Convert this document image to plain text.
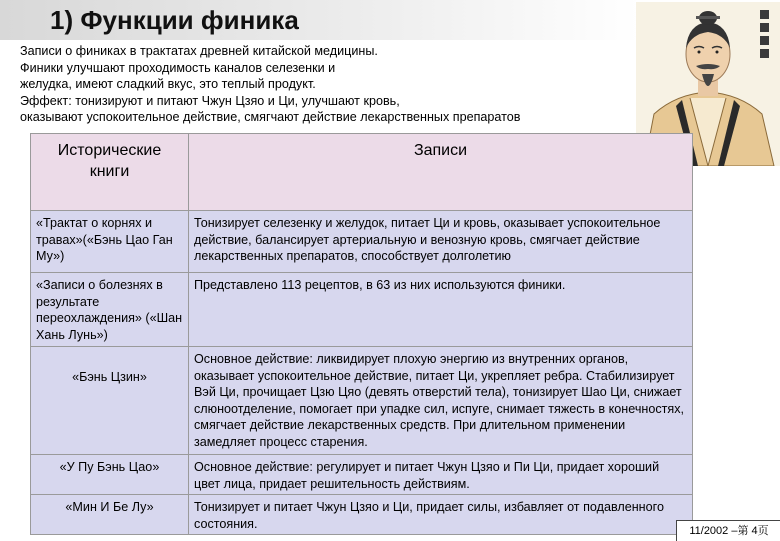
1) Функции финика
Записи о финиках в трактатах древней китайской медицины.
Финики улучшают проходимость каналов селезенки и
желудка, имеют сладкий вкус, это теплый продукт.
Эффект: тонизируют и питают Чжун Цзяо и Ци, улучшают кровь,
оказывают успокоительное действие, смягчают действие лекарственных препаратов
Исторические книги	Записи
«Трактат о корнях и травах»(«Бэнь Цао Ган Му»)	Тонизирует селезенку и желудок, питает Ци и кровь, оказывает успокоительное действие, балансирует артериальную и венозную кровь, смягчает действие лекарственных препаратов, способствует долголетию
«Записи о болезнях в результате переохлаждения» («Шан Хань Лунь»)	Представлено 113 рецептов, в 63 из них используются финики.

«Бэнь Цзин»	Основное действие: ликвидирует плохую энергию из внутренних органов, оказывает успокоительное действие, питает Ци, укрепляет ребра. Стабилизирует Вэй Ци, прочищает Цзю Цяо (девять отверстий тела), тонизирует Шао Ци, снижает слюноотделение, помогает при упадке сил, испуге, снимает тяжесть в конечностях, смягчает действие лекарственных средств. При длительном применении замедляет процесс старения.
«У Пу Бэнь Цао»	Основное действие: регулирует и питает Чжун Цзяо и Пи Ци, придает хороший цвет лица, придает решительность действиям.
«Мин И Бе Лу»	Тонизирует и питает Чжун Цзяо и Ци, придает силы, избавляет от подавленного состояния.
11/2002 –第 4页
